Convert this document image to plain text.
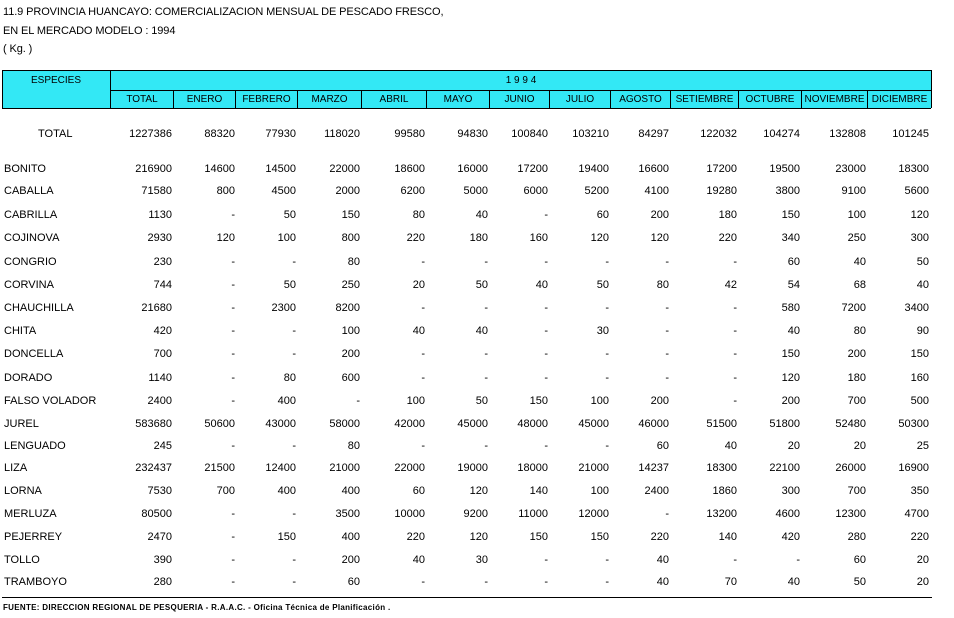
11.9 PROVINCIA HUANCAYO: COMERCIALIZACION MENSUAL DE PESCADO FRESCO,
EN EL MERCADO MODELO : 1994
( Kg. )
ESPECIES	1 9 9 4
TOTAL	ENERO	FEBRERO	MARZO	ABRIL	MAYO	JUNIO	JULIO	AGOSTO	SETIEMBRE	OCTUBRE	NOVIEMBRE DICIEMBRE
TOTAL	1227386	88320	77930	118020	99580	94830	100840	103210	84297	122032	104274	132808	101245
BONITO	216900	14600	14500	22000	18600	16000	17200	19400	16600	17200	19500	23000	18300
CABALLA	71580	800	4500	2000	6200	5000	6000	5200	4100	19280	3800	9100	5600
CABRILLA	1130	-	50	150	80	40	-	60	200	180	150	100	120
COJINOVA	2930	120	100	800	220	180	160	120	120	220	340	250	300
CONGRIO	230	-	-	80	-	-	-	-	-	-	60	40	50
CORVINA	744	-	50	250	20	50	40	50	80	42	54	68	40
CHAUCHILLA	21680	-	2300	8200	-	-	-	-	-	-	580	7200	3400
CHITA	420	-	-	100	40	40	-	30	-	-	40	80	90
DONCELLA	700	-	-	200	-	-	-	-	-	-	150	200	150
DORADO	1140	-	80	600	-	-	-	-	-	-	120	180	160
FALSO VOLADOR	2400	-	400	-	100	50	150	100	200	-	200	700	500
JUREL	583680	50600	43000	58000	42000	45000	48000	45000	46000	51500	51800	52480	50300
LENGUADO	245	-	-	80	-	-	-	-	60	40	20	20	25
LIZA	232437	21500	12400	21000	22000	19000	18000	21000	14237	18300	22100	26000	16900
LORNA	7530	700	400	400	60	120	140	100	2400	1860	300	700	350
MERLUZA	80500	-	-	3500	10000	9200	11000	12000	-	13200	4600	12300	4700
PEJERREY	2470	-	150	400	220	120	150	150	220	140	420	280	220
TOLLO	390	-	-	200	40	30	-	-	40	-	-	60	20
TRAMBOYO	280	-	-	60	-	-	-	-	40	70	40	50	20
FUENTE: DIRECCION REGIONAL DE PESQUERIA - R.A.A.C. - Oficina Técnica de Planificación .
